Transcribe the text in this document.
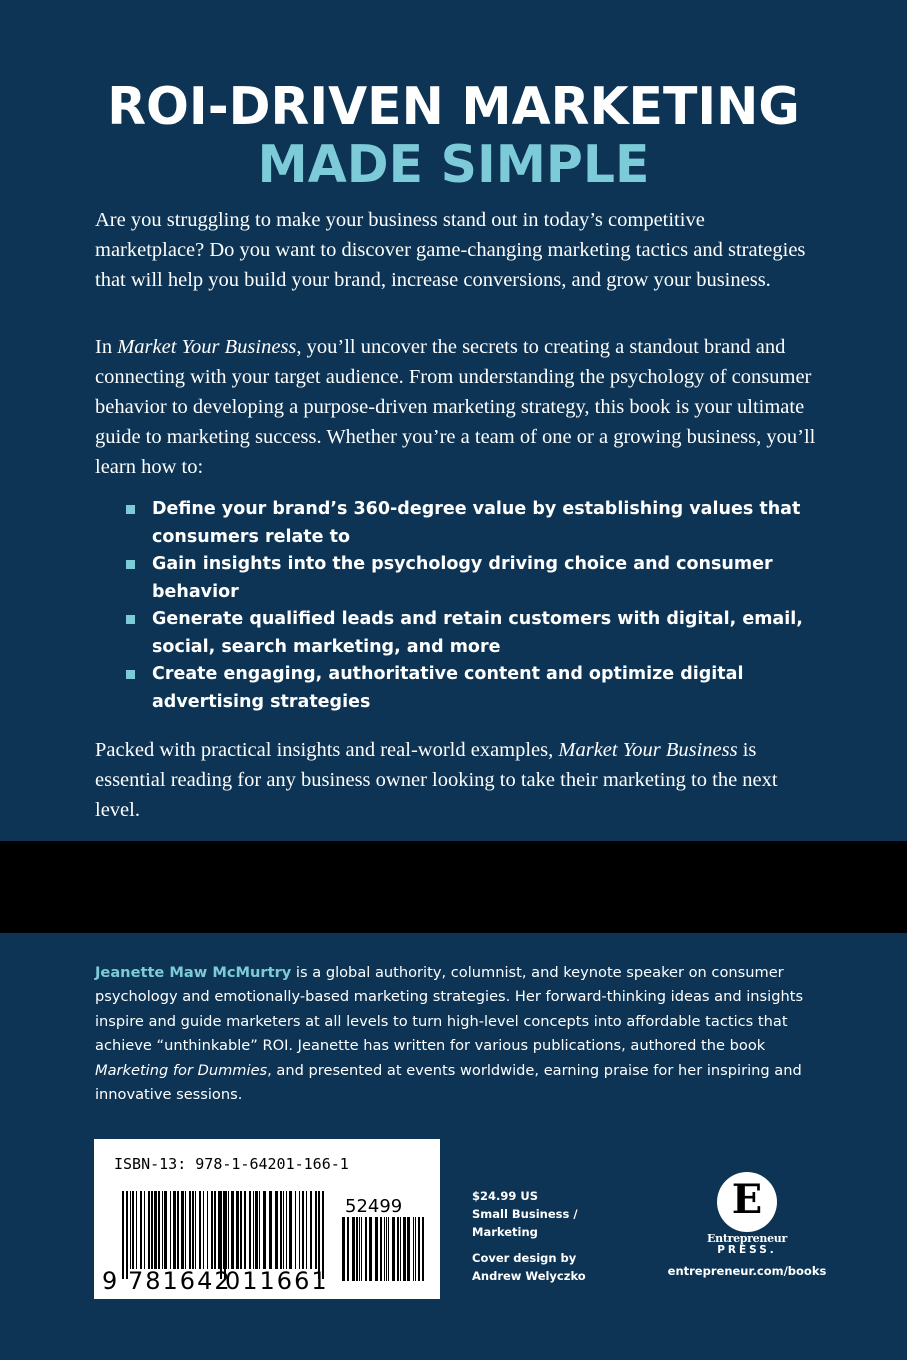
ROI-DRIVEN MARKETING
MADE SIMPLE

Are you struggling to make your business stand out in today’s competitive marketplace? Do you want to discover game-changing marketing tactics and strategies that will help you build your brand, increase conversions, and grow your business.

In Market Your Business, you’ll uncover the secrets to creating a standout brand and connecting with your target audience. From understanding the psychology of consumer behavior to developing a purpose-driven marketing strategy, this book is your ultimate guide to marketing success. Whether you’re a team of one or a growing business, you’ll learn how to:

Define your brand’s 360-degree value by establishing values that consumers relate to
Gain insights into the psychology driving choice and consumer behavior
Generate qualified leads and retain customers with digital, email, social, search marketing, and more
Create engaging, authoritative content and optimize digital advertising strategies

Packed with practical insights and real-world examples, Market Your Business is essential reading for any business owner looking to take their marketing to the next level.

Jeanette Maw McMurtry is a global authority, columnist, and keynote speaker on consumer psychology and emotionally-based marketing strategies. Her forward-thinking ideas and insights inspire and guide marketers at all levels to turn high-level concepts into affordable tactics that achieve “unthinkable” ROI. Jeanette has written for various publications, authored the book Marketing for Dummies, and presented at events worldwide, earning praise for her inspiring and innovative sessions.
ISBN-13: 978-1-64201-166-1
52499
9 781642
011661
$24.99 US
Small Business /
Marketing
Cover design by
Andrew Welyczko
E
Entrepreneur
PRESS.
entrepreneur.com/books
